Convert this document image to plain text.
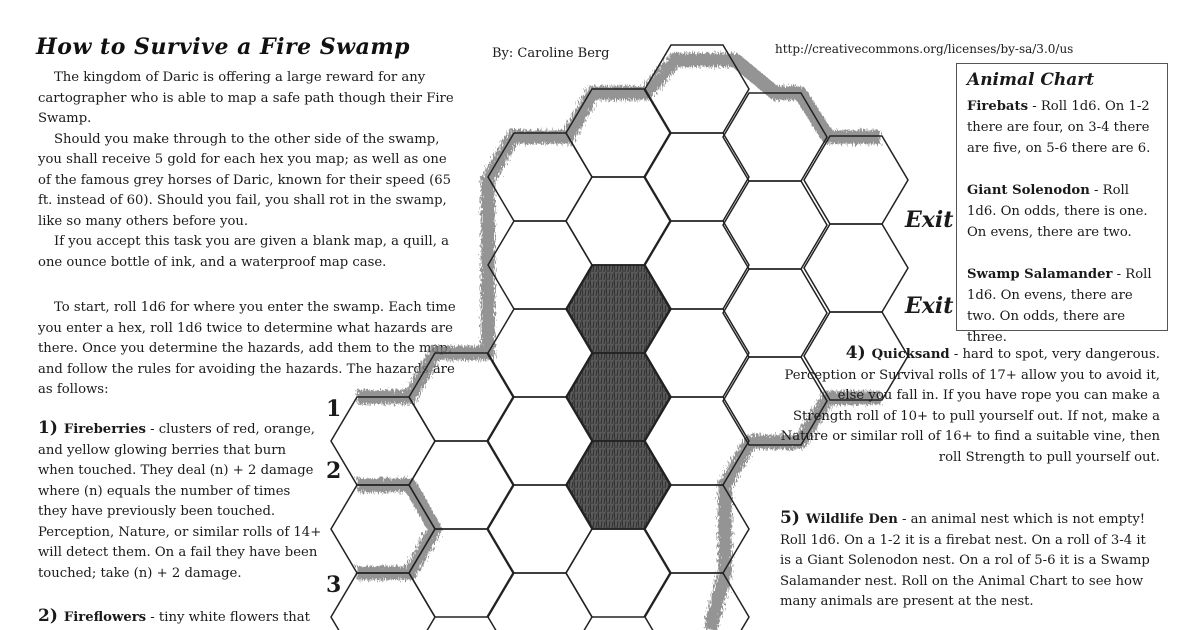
How to Survive a Fire Swamp	By: Caroline Berg	http://creativecommons.org/licenses/by-sa/3.0/us

The kingdom of Daric is offering a large reward for any cartographer who is able to map a safe path though their Fire Swamp.

Should you make through to the other side of the swamp, you shall receive 5 gold for each hex you map; as well as one of the famous grey horses of Daric, known for their speed (65 ft. instead of 60). Should you fail, you shall rot in the swamp, like so many others before you.

If you accept this task you are given a blank map, a quill, a one ounce bottle of ink, and a waterproof map case.

To start, roll 1d6 for where you enter the swamp. Each time you enter a hex, roll 1d6 twice to determine what hazards are there. Once you determine the hazards, add them to the map, and follow the rules for avoiding the hazards. The hazards are as follows:

Exit
Exit
1
2
3
1) Fireberries - clusters of red, orange, and yellow glowing berries that burn when touched. They deal (n) + 2 damage where (n) equals the number of times they have previously been touched. Perception, Nature, or similar rolls of 14+ will detect them. On a fail they have been touched; take (n) + 2 damage.
2) Fireflowers - tiny white flowers that
Animal Chart
Firebats - Roll 1d6. On 1-2 there are four, on 3-4 there are five, on 5-6 there are 6.
Giant Solenodon - Roll 1d6. On odds, there is one. On evens, there are two.
Swamp Salamander - Roll 1d6. On evens, there are two. On odds, there are three.
4) Quicksand - hard to spot, very dangerous. Perception or Survival rolls of 17+ allow you to avoid it, else you fall in. If you have rope you can make a Strength roll of 10+ to pull yourself out. If not, make a Nature or similar roll of 16+ to find a suitable vine, then roll Strength to pull yourself out.
5) Wildlife Den - an animal nest which is not empty! Roll 1d6. On a 1-2 it is a firebat nest. On a roll of 3-4 it is a Giant Solenodon nest. On a rol of 5-6 it is a Swamp Salamander nest. Roll on the Animal Chart to see how many animals are present at the nest.
